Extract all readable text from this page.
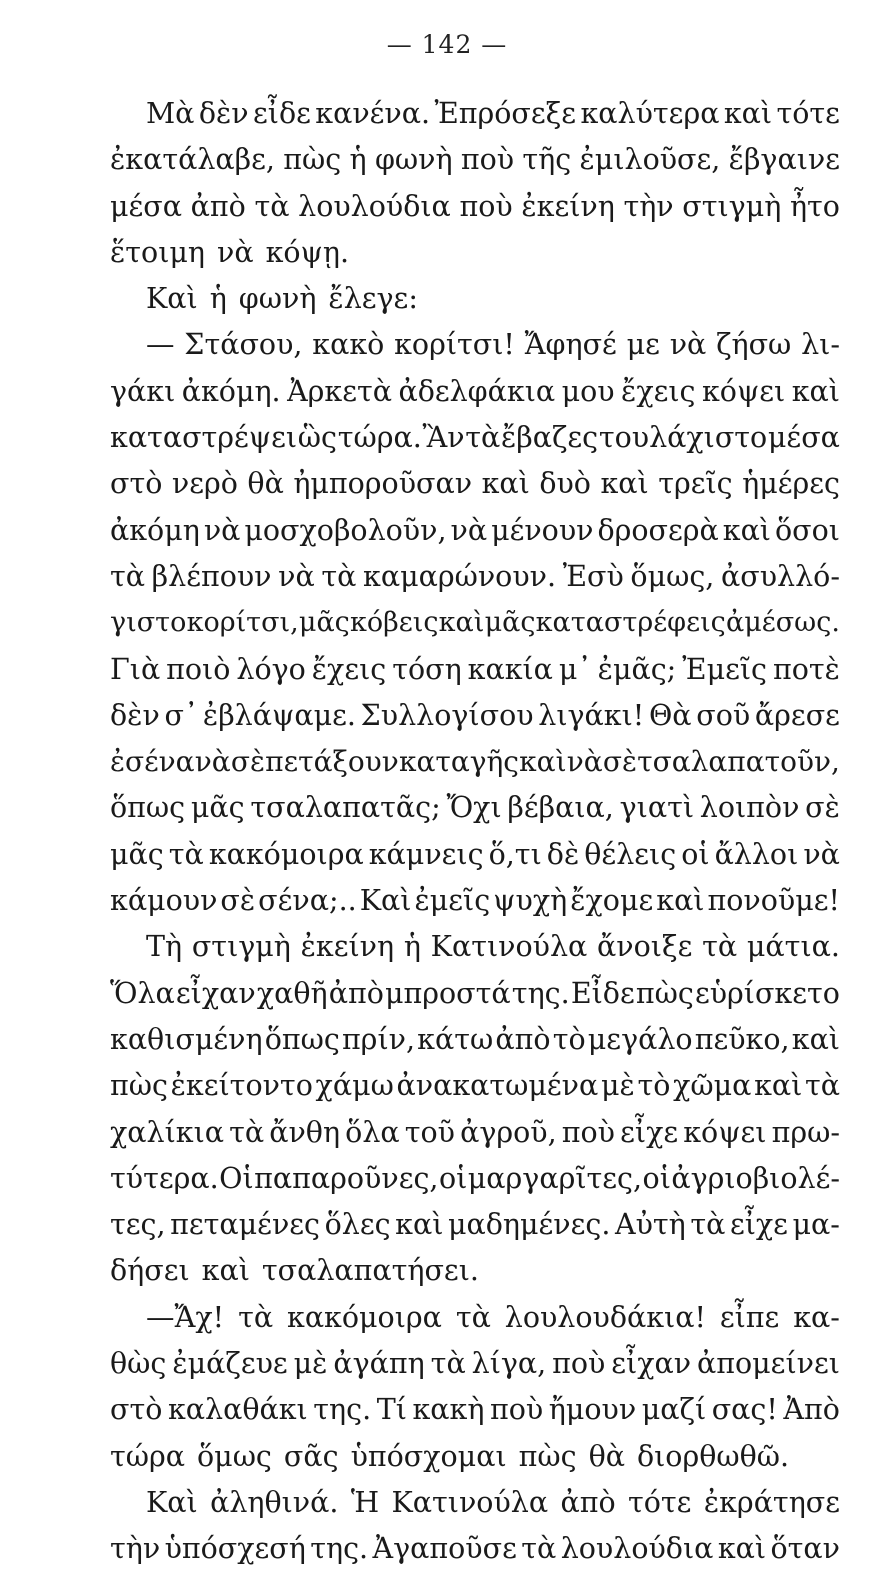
— 142 —
Μὰ δὲν εἶδε κανένα. Ἐπρόσεξε καλύτερα καὶ τότε
ἐκατάλαβε, πὼς ἡ φωνὴ ποὺ τῆς ἐμιλοῦσε, ἔβγαινε
μέσα ἀπὸ τὰ λουλούδια ποὺ ἐκείνη τὴν στιγμὴ ἦτο
ἕτοιμη νὰ κόψῃ.
Καὶ ἡ φωνὴ ἔλεγε:
— Στάσου, κακὸ κορίτσι! Ἄφησέ με νὰ ζήσω λι-
γάκι ἀκόμη. Ἀρκετὰ ἀδελφάκια μου ἔχεις κόψει καὶ
καταστρέψει ὣς τώρα. Ἂν τὰ ἔβαζες τουλάχιστο μέσα
στὸ νερὸ θὰ ἠμποροῦσαν καὶ δυὸ καὶ τρεῖς ἡμέρες
ἀκόμη νὰ μοσχοβολοῦν, νὰ μένουν δροσερὰ καὶ ὅσοι
τὰ βλέπουν νὰ τὰ καμαρώνουν. Ἐσὺ ὅμως, ἀσυλλό-
γιστο κορίτσι, μᾶς κόβεις καὶ μᾶς καταστρέφεις ἀμέσως.
Γιὰ ποιὸ λόγο ἔχεις τόση κακία μ᾽ ἐμᾶς; Ἐμεῖς ποτὲ
δὲν σ᾽ ἐβλάψαμε. Συλλογίσου λιγάκι! Θὰ σοῦ ἄρεσε
ἐσένα νὰ σὲ πετάξουν καταγῆς καὶ νὰ σὲ τσαλαπατοῦν,
ὅπως μᾶς τσαλαπατᾶς; Ὄχι βέβαια, γιατὶ λοιπὸν σὲ
μᾶς τὰ κακόμοιρα κάμνεις ὅ,τι δὲ θέλεις οἱ ἄλλοι νὰ
κάμουν σὲ σένα;.. Καὶ ἐμεῖς ψυχὴ ἔχομε καὶ πονοῦμε!
Τὴ στιγμὴ ἐκείνη ἡ Κατινούλα ἄνοιξε τὰ μάτια.
Ὅλα εἶχαν χαθῆ ἀπὸ μπροστά της. Εἶδε πὼς εὑρίσκετο
καθισμένη ὅπως πρίν, κάτω ἀπὸ τὸ μεγάλο πεῦκο, καὶ
πὼς ἐκείτοντο χάμω ἀνακατωμένα μὲ τὸ χῶμα καὶ τὰ
χαλίκια τὰ ἄνθη ὅλα τοῦ ἀγροῦ, ποὺ εἶχε κόψει πρω-
τύτερα. Οἱ παπαροῦνες, οἱ μαργαρῖτες, οἱ ἀγριοβιολέ-
τες, πεταμένες ὅλες καὶ μαδημένες. Αὐτὴ τὰ εἶχε μα-
δήσει καὶ τσαλαπατήσει.
—Ἄχ! τὰ κακόμοιρα τὰ λουλουδάκια! εἶπε κα-
θὼς ἐμάζευε μὲ ἀγάπη τὰ λίγα, ποὺ εἶχαν ἀπομείνει
στὸ καλαθάκι της. Τί κακὴ ποὺ ἤμουν μαζί σας! Ἀπὸ
τώρα ὅμως σᾶς ὑπόσχομαι πὼς θὰ διορθωθῶ.
Καὶ ἀληθινά. Ἡ Κατινούλα ἀπὸ τότε ἐκράτησε
τὴν ὑπόσχεσή της. Ἀγαποῦσε τὰ λουλούδια καὶ ὅταν
